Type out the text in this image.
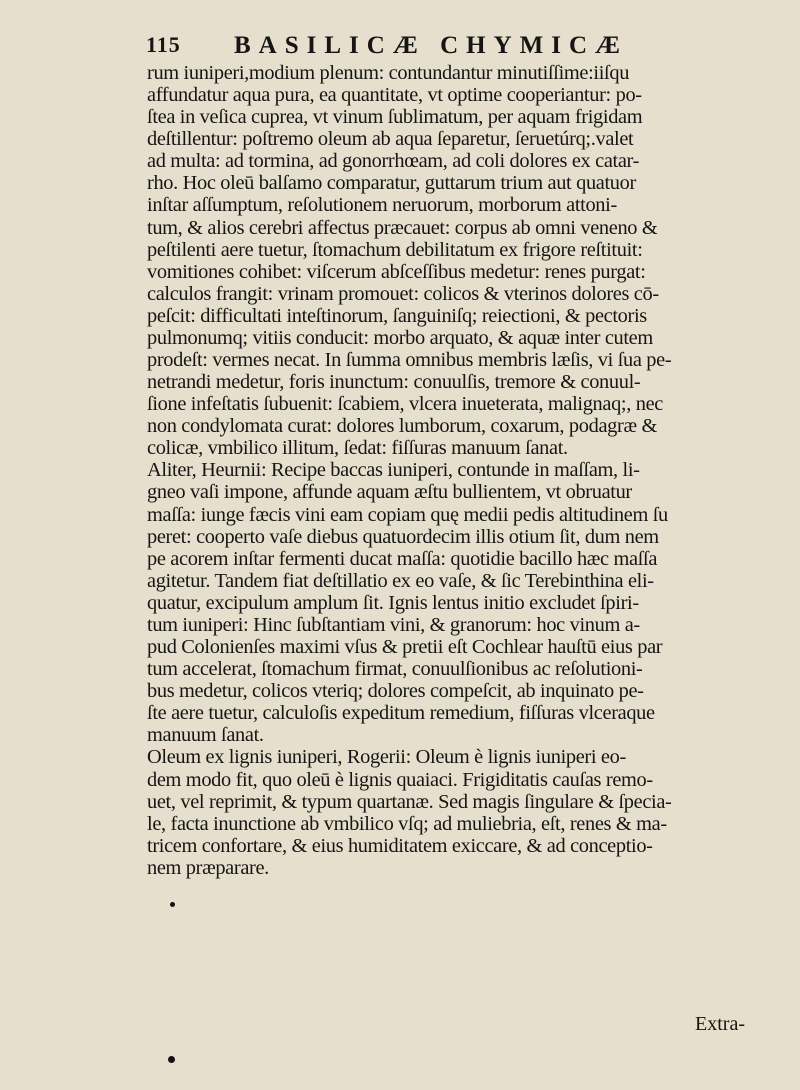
115 BASILICÆ CHYMICÆ
rum iuniperi,modium plenum: contundantur minutiſſime:iiſqu
affundatur aqua pura, ea quantitate, vt optime cooperiantur: po-
ſtea in veſica cuprea, vt vinum ſublimatum, per aquam frigidam
deſtillentur: poſtremo oleum ab aqua ſeparetur, ſeruetúrq;.valet
ad multa: ad tormina, ad gonorrhœam, ad coli dolores ex catar-
rho. Hoc oleū balſamo comparatur, guttarum trium aut quatuor
inſtar aſſumptum, reſolutionem neruorum, morborum attoni-
tum, & alios cerebri affectus præcauet: corpus ab omni veneno &
peſtilenti aere tuetur, ſtomachum debilitatum ex frigore reſtituit:
vomitiones cohibet: viſcerum abſceſſibus medetur: renes purgat:
calculos frangit: vrinam promouet: colicos & vterinos dolores cō-
peſcit: difficultati inteſtinorum, ſanguiniſq; reiectioni, & pectoris
pulmonumq; vitiis conducit: morbo arquato, & aquæ inter cutem
prodeſt: vermes necat. In ſumma omnibus membris læſis, vi ſua pe-
netrandi medetur, foris inunctum: conuulſis, tremore & conuul-
ſione infeſtatis ſubuenit: ſcabiem, vlcera inueterata, malignaq;, nec
non condylomata curat: dolores lumborum, coxarum, podagræ &
colicæ, vmbilico illitum, ſedat: fiſſuras manuum ſanat.
Aliter, Heurnii: Recipe baccas iuniperi, contunde in maſſam, li-
gneo vaſi impone, affunde aquam æſtu bullientem, vt obruatur
maſſa: iunge fæcis vini eam copiam quę medii pedis altitudinem ſu
peret: cooperto vaſe diebus quatuordecim illis otium ſit, dum nem
pe acorem inſtar fermenti ducat maſſa: quotidie bacillo hæc maſſa
agitetur. Tandem fiat deſtillatio ex eo vaſe, & ſic Terebinthina eli-
quatur, excipulum amplum ſit. Ignis lentus initio excludet ſpiri-
tum iuniperi: Hinc ſubſtantiam vini, & granorum: hoc vinum a-
pud Colonienſes maximi vſus & pretii eſt Cochlear hauſtū eius par
tum accelerat, ſtomachum firmat, conuulſionibus ac reſolutioni-
bus medetur, colicos vteriq; dolores compeſcit, ab inquinato pe-
ſte aere tuetur, calculoſis expeditum remedium, fiſſuras vlceraque
manuum ſanat.
Oleum ex lignis iuniperi, Rogerii: Oleum è lignis iuniperi eo-
dem modo fit, quo oleū è lignis quaiaci. Frigiditatis cauſas remo-
uet, vel reprimit, & typum quartanæ. Sed magis ſingulare & ſpecia-
le, facta inunctione ab vmbilico vſq; ad muliebria, eſt, renes & ma-
tricem confortare, & eius humiditatem exiccare, & ad conceptio-
nem præparare.
Extra-
